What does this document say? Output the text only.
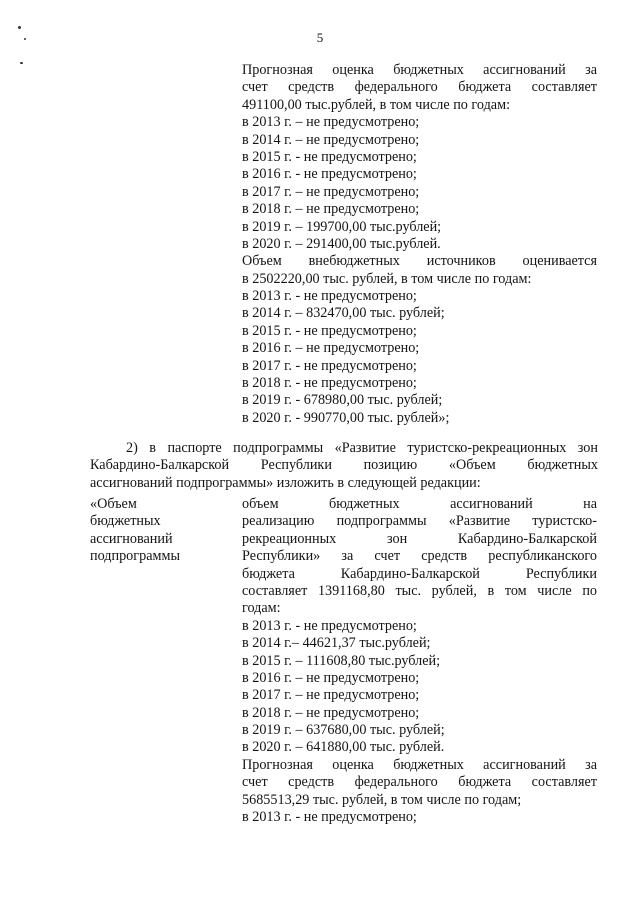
5
Прогнозная оценка бюджетных ассигнований за
счет средств федерального бюджета составляет
491100,00 тыс.рублей, в том числе по годам:
в 2013 г. – не предусмотрено;
в 2014 г. – не предусмотрено;
в 2015 г. - не предусмотрено;
в 2016 г. - не предусмотрено;
в 2017 г. – не предусмотрено;
в 2018 г. – не предусмотрено;
в 2019 г. – 199700,00 тыс.рублей;
в 2020 г. – 291400,00 тыс.рублей.
Объем внебюджетных источников оценивается
в 2502220,00 тыс. рублей, в том числе по годам:
в 2013 г. - не предусмотрено;
в 2014 г. – 832470,00 тыс. рублей;
в 2015 г. - не предусмотрено;
в 2016 г. – не предусмотрено;
в 2017 г. - не предусмотрено;
в 2018 г. - не предусмотрено;
в 2019 г. - 678980,00 тыс. рублей;
в 2020 г. - 990770,00 тыс. рублей»;
2) в паспорте подпрограммы «Развитие туристско-рекреационных зон
Кабардино-Балкарской Республики позицию «Объем бюджетных
ассигнований подпрограммы» изложить в следующей редакции:
«Объем
бюджетных
ассигнований
подпрограммы
объем бюджетных ассигнований на
реализацию подпрограммы «Развитие туристско-
рекреационных зон Кабардино-Балкарской
Республики» за счет средств республиканского
бюджета Кабардино-Балкарской Республики
составляет 1391168,80 тыс. рублей, в том числе по
годам:
в 2013 г. - не предусмотрено;
в 2014 г.– 44621,37 тыс.рублей;
в 2015 г. – 111608,80 тыс.рублей;
в 2016 г. – не предусмотрено;
в 2017 г. – не предусмотрено;
в 2018 г. – не предусмотрено;
в 2019 г. – 637680,00 тыс. рублей;
в 2020 г. – 641880,00 тыс. рублей.
Прогнозная оценка бюджетных ассигнований за
счет средств федерального бюджета составляет
5685513,29 тыс. рублей, в том числе по годам;
в 2013 г. - не предусмотрено;
